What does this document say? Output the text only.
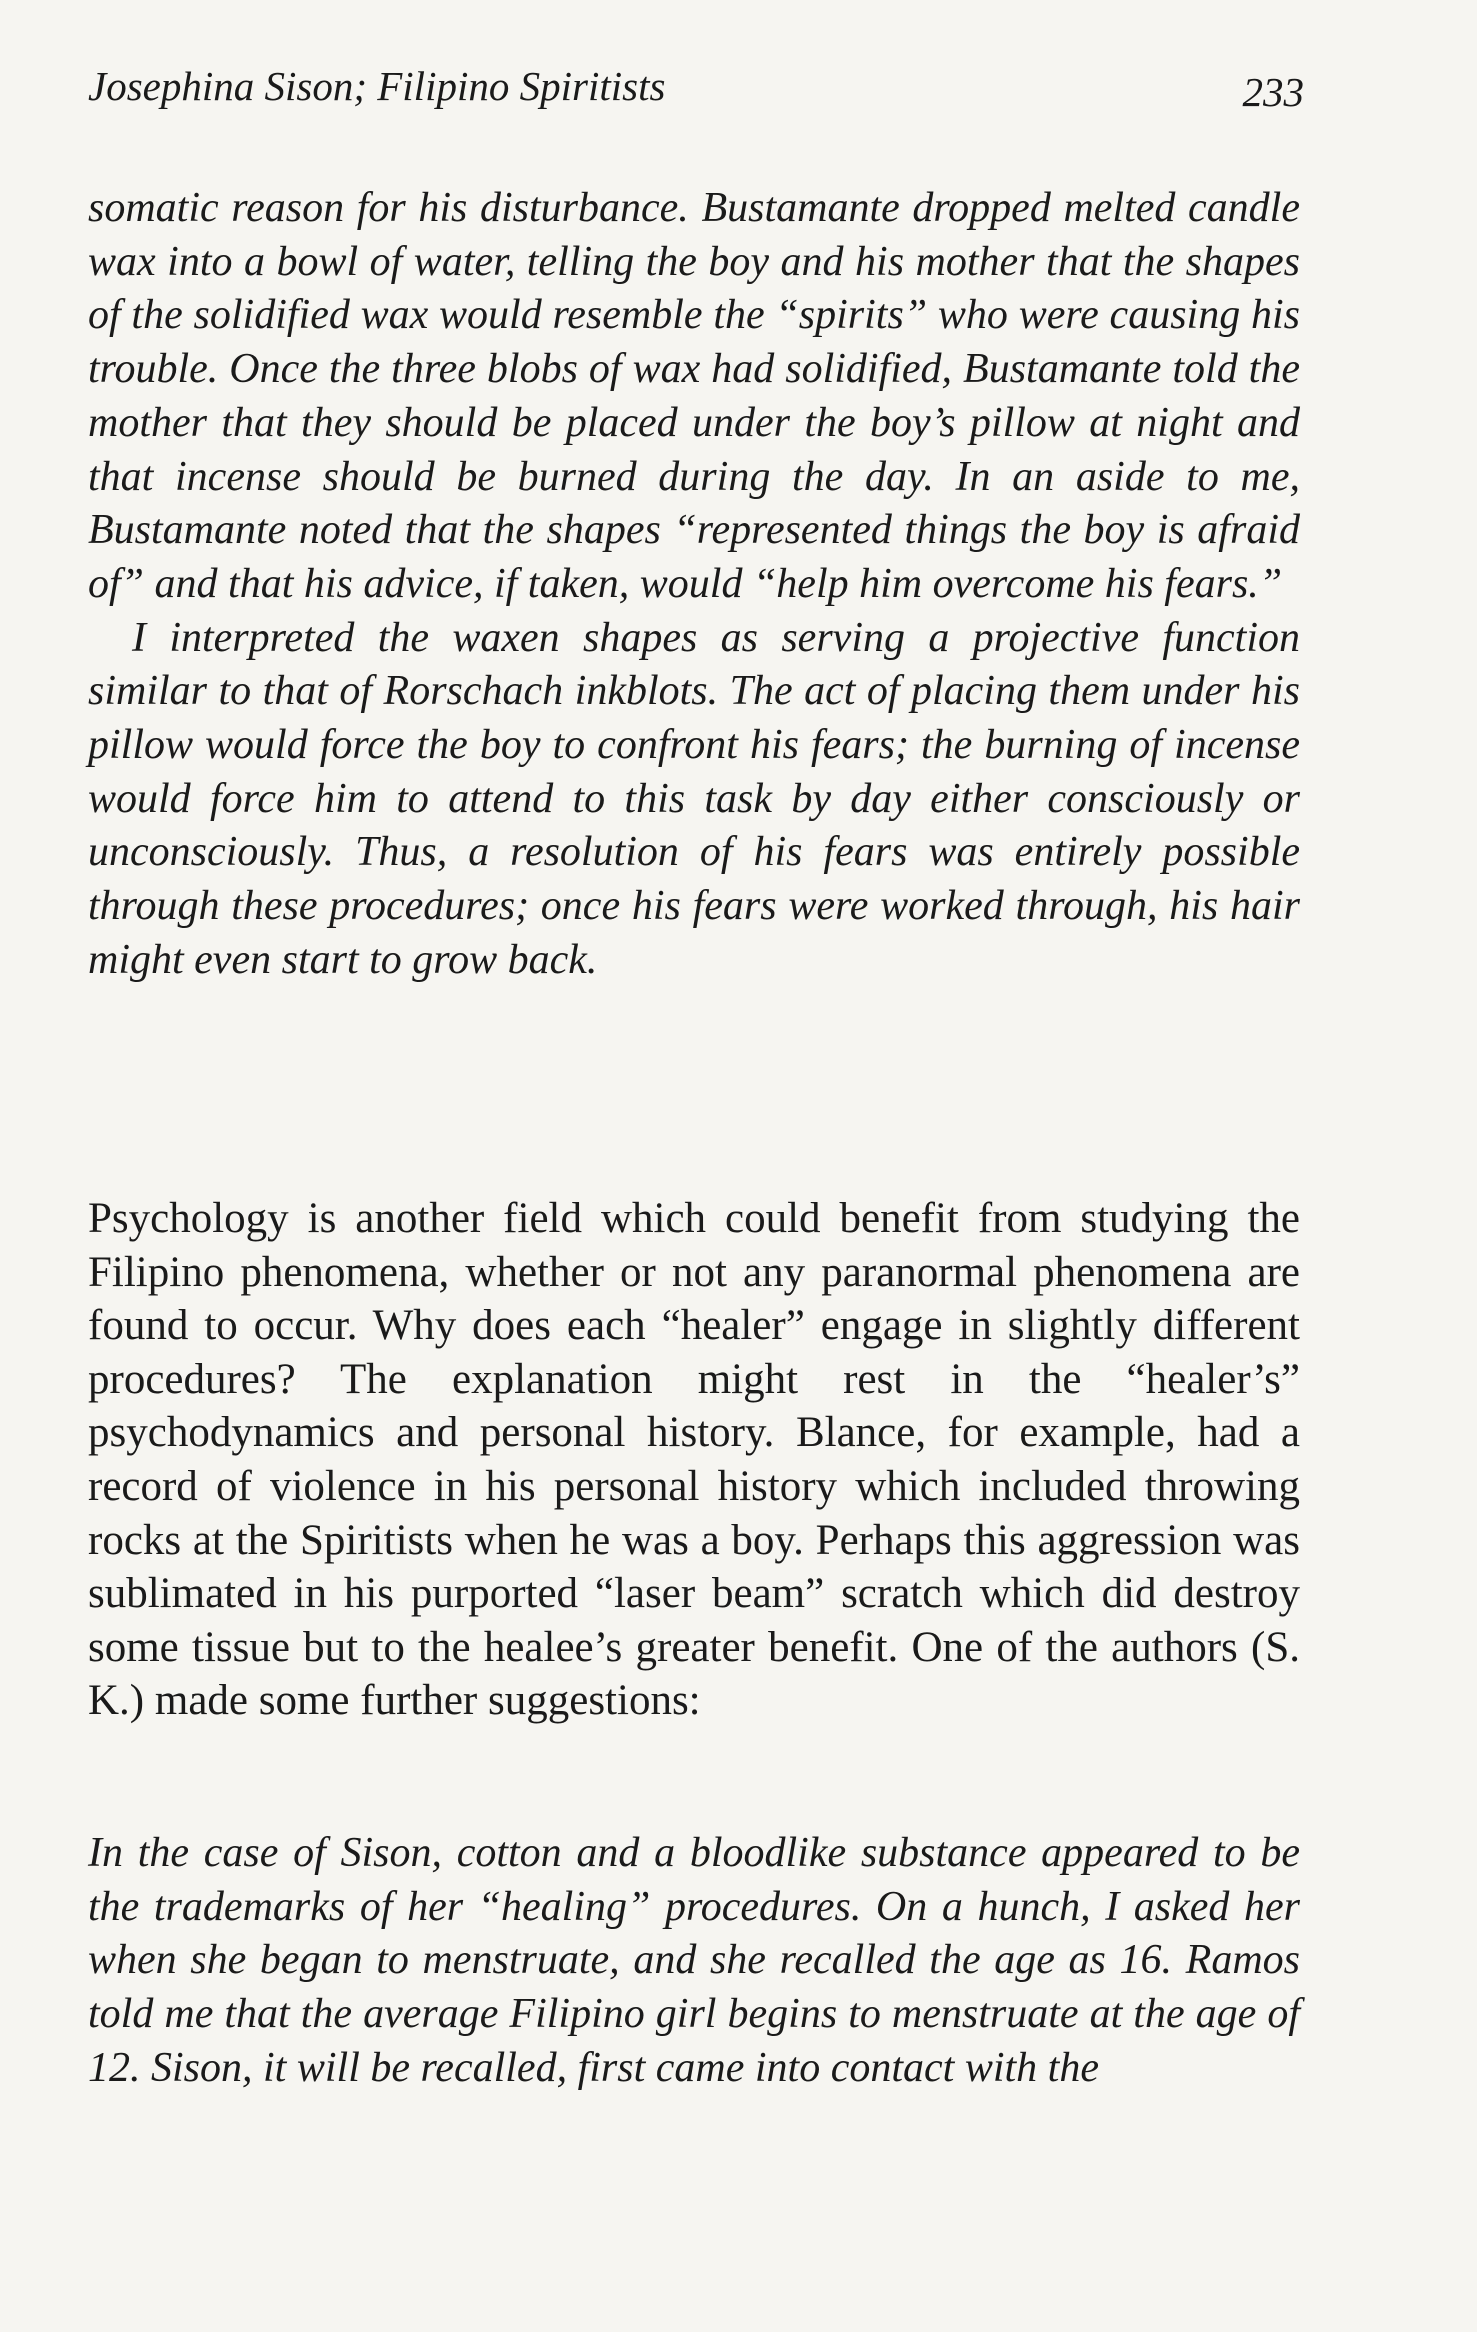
Josephina Sison; Filipino Spiritists	233

somatic reason for his disturbance. Bustamante dropped melted candle wax into a bowl of water, telling the boy and his mother that the shapes of the solidified wax would resemble the “spirits” who were causing his trouble. Once the three blobs of wax had solidified, Bustamante told the mother that they should be placed under the boy’s pillow at night and that incense should be burned during the day. In an aside to me, Bustamante noted that the shapes “represented things the boy is afraid of” and that his advice, if taken, would “help him overcome his fears.”

I interpreted the waxen shapes as serving a projective function similar to that of Rorschach inkblots. The act of placing them under his pillow would force the boy to confront his fears; the burning of incense would force him to attend to this task by day either consciously or unconsciously. Thus, a resolution of his fears was entirely possible through these procedures; once his fears were worked through, his hair might even start to grow back.

Psychology is another field which could benefit from studying the Filipino phenomena, whether or not any paranormal phenomena are found to occur. Why does each “healer” engage in slightly different procedures? The explanation might rest in the “healer’s” psychodynamics and personal history. Blance, for example, had a record of violence in his personal history which included throwing rocks at the Spiritists when he was a boy. Perhaps this aggression was sublimated in his purported “laser beam” scratch which did destroy some tissue but to the healee’s greater benefit. One of the authors (S. K.) made some further suggestions:

In the case of Sison, cotton and a bloodlike substance appeared to be the trademarks of her “healing” procedures. On a hunch, I asked her when she began to menstruate, and she recalled the age as 16. Ramos told me that the average Filipino girl begins to menstruate at the age of 12. Sison, it will be recalled, first came into contact with the
